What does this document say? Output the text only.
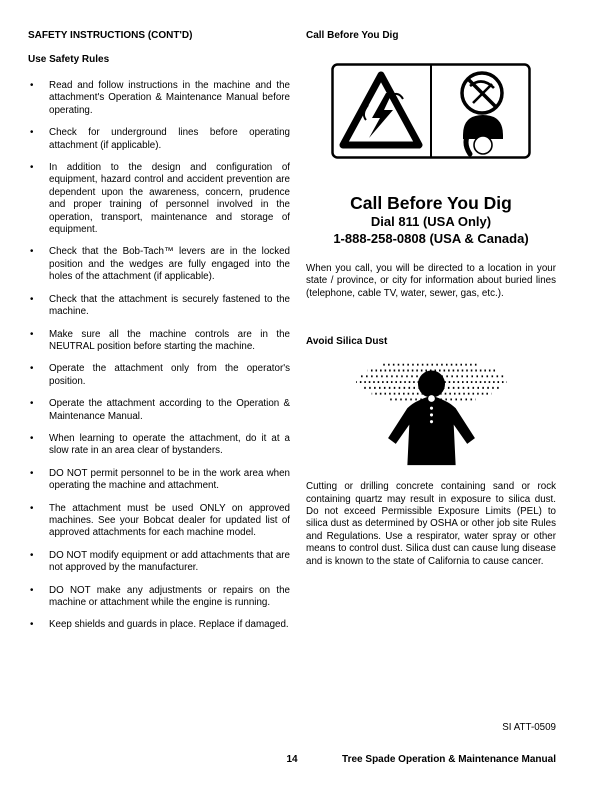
SAFETY INSTRUCTIONS (CONT'D)
Use Safety Rules
• Read and follow instructions in the machine and the attachment's Operation & Maintenance Manual before operating.
• Check for underground lines before operating attachment (if applicable).
• In addition to the design and configuration of equipment, hazard control and accident prevention are dependent upon the awareness, concern, prudence and proper training of personnel involved in the operation, transport, maintenance and storage of equipment.
• Check that the Bob-Tach™ levers are in the locked position and the wedges are fully engaged into the holes of the attachment (if applicable).
• Check that the attachment is securely fastened to the machine.
• Make sure all the machine controls are in the NEUTRAL position before starting the machine.
• Operate the attachment only from the operator's position.
• Operate the attachment according to the Operation & Maintenance Manual.
• When learning to operate the attachment, do it at a slow rate in an area clear of bystanders.
• DO NOT permit personnel to be in the work area when operating the machine and attachment.
• The attachment must be used ONLY on approved machines. See your Bobcat dealer for updated list of approved attachments for each machine model.
• DO NOT modify equipment or add attachments that are not approved by the manufacturer.
• DO NOT make any adjustments or repairs on the machine or attachment while the engine is running.
• Keep shields and guards in place. Replace if damaged.
Call Before You Dig
Call Before You Dig
Dial 811 (USA Only)
1-888-258-0808 (USA & Canada)

When you call, you will be directed to a location in your state / province, or city for information about buried lines (telephone, cable TV, water, sewer, gas, etc.).

Avoid Silica Dust

Cutting or drilling concrete containing sand or rock containing quartz may result in exposure to silica dust. Do not exceed Permissible Exposure Limits (PEL) to silica dust as determined by OSHA or other job site Rules and Regulations. Use a respirator, water spray or other means to control dust. Silica dust can cause lung disease and is known to the state of California to cause cancer.

SI ATT-0509
14	Tree Spade Operation & Maintenance Manual
